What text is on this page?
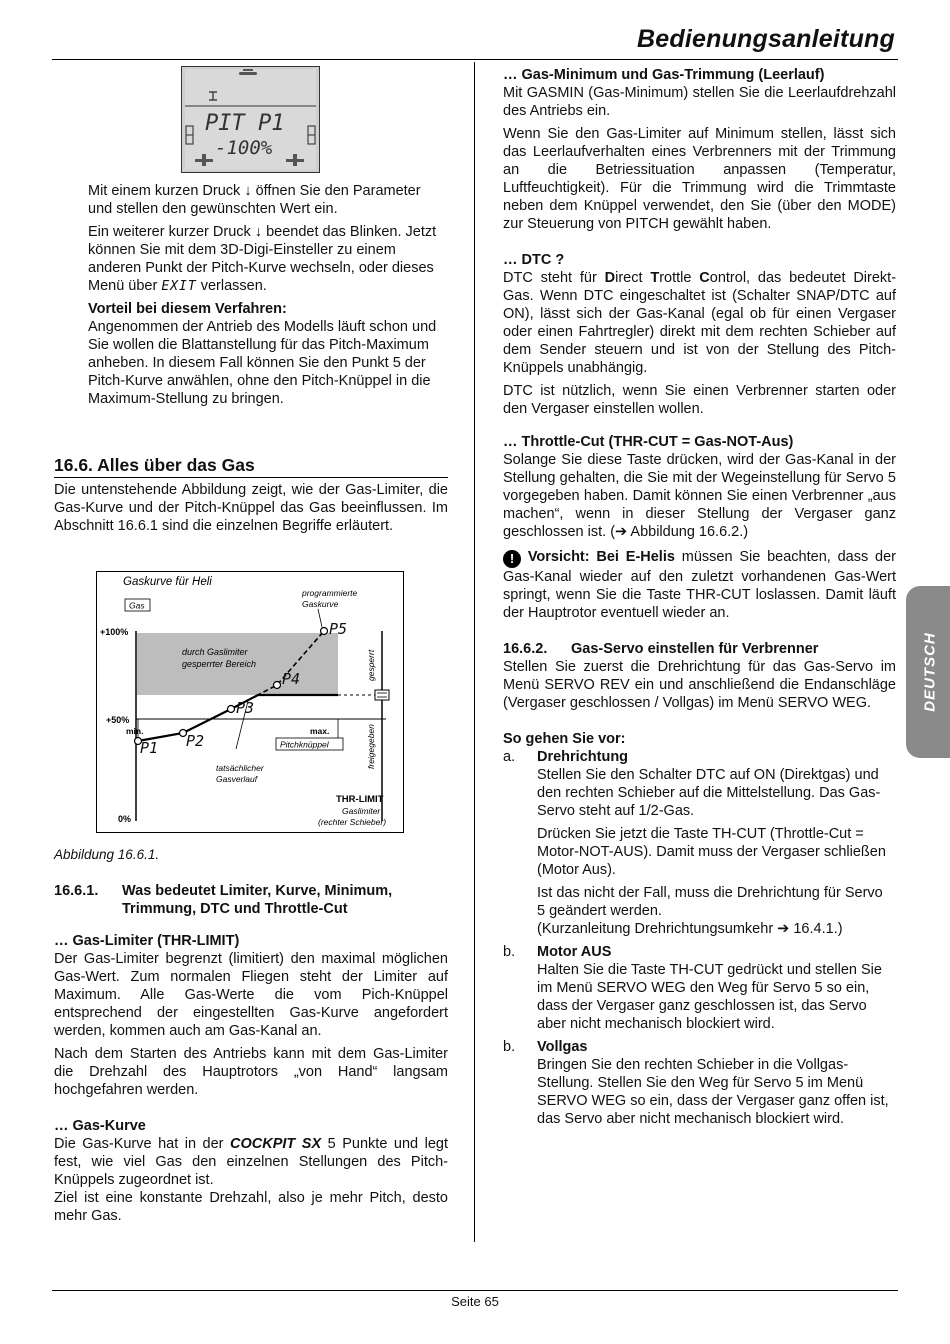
Bedienungsanleitung
DEUTSCH
PIT P1
-100%

Mit einem kurzen Druck ↓ öffnen Sie den Parameter und stellen den gewünschten Wert ein.

Ein weiterer kurzer Druck ↓ beendet das Blinken. Jetzt können Sie mit dem 3D-Digi-Einsteller zu einem anderen Punkt der Pitch-Kurve wechseln, oder dieses Menü über EXIT verlassen.

Vorteil bei diesem Verfahren:

Angenommen der Antrieb des Modells läuft schon und Sie wollen die Blattanstellung für das Pitch-Maximum anheben. In diesem Fall können Sie den Punkt 5 der Pitch-Kurve anwählen, ohne den Pitch-Knüppel in die Maximum-Stellung zu bringen.

16.6. Alles über das Gas

Die untenstehende Abbildung zeigt, wie der Gas-Limiter, die Gas-Kurve und der Pitch-Knüppel das Gas beeinflussen. Im Abschnitt 16.6.1 sind die einzelnen Begriffe erläutert.

Gaskurve für Heli
Gas
programmierte
Gaskurve
+100%
+50%
0%
durch Gaslimiter
gesperrter Bereich
min.	max.
Pitchknüppel
P1 P2
P3
P4
P5
tatsächlicher
Gasverlauf
gesperrt
freigegeben
THR-LIMIT
Gaslimiter
(rechter Schieber)

Abbildung 16.6.1.

16.6.1.	Was bedeutet Limiter, Kurve, Minimum, Trimmung, DTC und Throttle-Cut

… Gas-Limiter (THR-LIMIT)

Der Gas-Limiter begrenzt (limitiert) den maximal möglichen Gas-Wert. Zum normalen Fliegen steht der Limiter auf Maximum. Alle Gas-Werte die vom Pich-Knüppel entsprechend der eingestellten Gas-Kurve angefordert werden, kommen auch am Gas-Kanal an.

Nach dem Starten des Antriebs kann mit dem Gas-Limiter die Drehzahl des Hauptrotors „von Hand“ langsam hochgefahren werden.

… Gas-Kurve

Die Gas-Kurve hat in der COCKPIT SX 5 Punkte und legt fest, wie viel Gas den einzelnen Stellungen des Pitch-Knüppels zugeordnet ist.

Ziel ist eine konstante Drehzahl, also je mehr Pitch, desto mehr Gas.

… Gas-Minimum und Gas-Trimmung (Leerlauf)

Mit GASMIN (Gas-Minimum) stellen Sie die Leerlaufdrehzahl des Antriebs ein.

Wenn Sie den Gas-Limiter auf Minimum stellen, lässt sich das Leerlaufverhalten eines Verbrenners mit der Trimmung an die Betriessituation anpassen (Temperatur, Luftfeuchtigkeit). Für die Trimmung wird die Trimmtaste neben dem Knüppel verwendet, den Sie (über den MODE) zur Steuerung von PITCH gewählt haben.

… DTC ?

DTC steht für Direct Trottle Control, das bedeutet Direkt-Gas. Wenn DTC eingeschaltet ist (Schalter SNAP/DTC auf ON), lässt sich der Gas-Kanal (egal ob für einen Vergaser oder einen Fahrtregler) direkt mit dem rechten Schieber auf dem Sender steuern und ist von der Stellung des Pitch-Knüppels unabhängig.

DTC ist nützlich, wenn Sie einen Verbrenner starten oder den Vergaser einstellen wollen.

… Throttle-Cut (THR-CUT = Gas-NOT-Aus)

Solange Sie diese Taste drücken, wird der Gas-Kanal in der Stellung gehalten, die Sie mit der Wegeinstellung für Servo 5 vorgegeben haben. Damit können Sie einen Verbrenner „aus machen“, wenn in dieser Stellung der Vergaser ganz geschlossen ist. (➔ Abbildung 16.6.2.)

! Vorsicht: Bei E-Helis müssen Sie beachten, dass der Gas-Kanal wieder auf den zuletzt vorhandenen Gas-Wert springt, wenn Sie die Taste THR-CUT loslassen. Damit läuft der Hauptrotor eventuell wieder an.

16.6.2.	Gas-Servo einstellen für Verbrenner

Stellen Sie zuerst die Drehrichtung für das Gas-Servo im Menü SERVO REV ein und anschließend die Endanschläge (Vergaser geschlossen / Vollgas) im Menü SERVO WEG.

So gehen Sie vor:

a.	Drehrichtung

Stellen Sie den Schalter DTC auf ON (Direktgas) und den rechten Schieber auf die Mittelstellung. Das Gas-Servo steht auf 1/2-Gas.

Drücken Sie jetzt die Taste TH-CUT (Throttle-Cut = Motor-NOT-AUS). Damit muss der Vergaser schließen (Motor Aus).

Ist das nicht der Fall, muss die Drehrichtung für Servo 5 geändert werden.
(Kurzanleitung Drehrichtungsumkehr ➔ 16.4.1.)

b.	Motor AUS

Halten Sie die Taste TH-CUT gedrückt und stellen Sie im Menü SERVO WEG den Weg für Servo 5 so ein, dass der Vergaser ganz geschlossen ist, das Servo aber nicht mechanisch blockiert wird.

b.	Vollgas

Bringen Sie den rechten Schieber in die Vollgas-Stellung. Stellen Sie den Weg für Servo 5 im Menü SERVO WEG so ein, dass der Vergaser ganz offen ist, das Servo aber nicht mechanisch blockiert wird.

Seite 65
